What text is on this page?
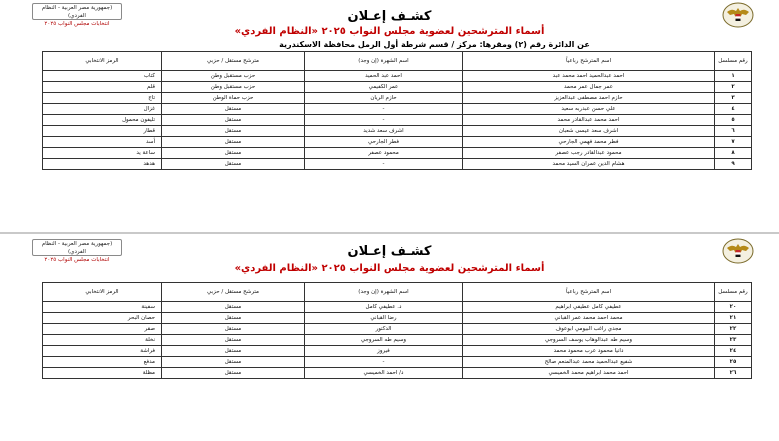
(جمهورية مصر العربية - النظام الفردي)
انتخابات مجلس النواب ٢٠٢٥	كشـف إعـلان
أسماء المترشحين لعضوية مجلس النواب ٢٠٢٥ «النظام الفردي»
عن الدائرة رقم (٢) ومقرها: مركز / قسم شرطة أول الرمل محافظة الاسكندرية
رقم مسلسل	اسم المترشح رباعياً	اسم الشهرة (إن وجد)	مترشح مستقل / حزبي	الرمز الانتخابي
١	احمد عبدالحميد احمد محمد عبد	احمد عبد الحميد	حزب مستقبل وطن	كتاب
٢	عمر جمال عمر محمد	عمر الكفيمي	حزب مستقبل وطن	قلم
٣	حازم احمد مصطفى عبدالعزيز	حازم الريان	حزب حماة الوطن	تاج
٤	علي حسن عبدربه سعيد	-	مستقل	غزال
٥	احمد محمد عبدالقادر محمد	-	مستقل	تليفون محمول
٦	اشرف سعد عيسى شعبان	اشرف سعد شديد	مستقل	قطار
٧	فطر محمد فهمي الجارحي	فطر الجارحي	مستقل	أسد
٨	محمود عبدالقادر رجب عصفر	محمود عصفر	مستقل	ساعة يد
٩	هشام الدين عمران السيد محمد	-	مستقل	هدهد
(جمهورية مصر العربية - النظام الفردي)
انتخابات مجلس النواب ٢٠٢٥
كشـف إعـلان
أسماء المترشحين لعضوية مجلس النواب ٢٠٢٥ «النظام الفردي»
رقم مسلسل	اسم المترشح رباعياً	اسم الشهرة (إن وجد)	مترشح مستقل / حزبي	الرمز الانتخابي
٢٠	عطيفي كامل عطيفي ابراهيم	د. عطيفي كامل	مستقل	سفينة
٢١	محمد احمد محمد عمر القباني	رضا القباني	مستقل	حصان البحر
٢٢	مجدي راغب البيومي ابوعوف	الدكتور	مستقل	صقر
٢٣	وسيم طه عبدالوهاب يوسف السروجي	وسيم طه السروجي	مستقل	نخلة
٢٤	دانيا محمود عرب محمود محمد	فيروز	مستقل	فراشة
٢٥	شفيع عبدالحميد محمد عبدالمنعم صالح	-	مستقل	مدفع
٢٦	احمد محمد ابراهيم محمد الخميسي	د/ احمد الخميسي	مستقل	مظلة
